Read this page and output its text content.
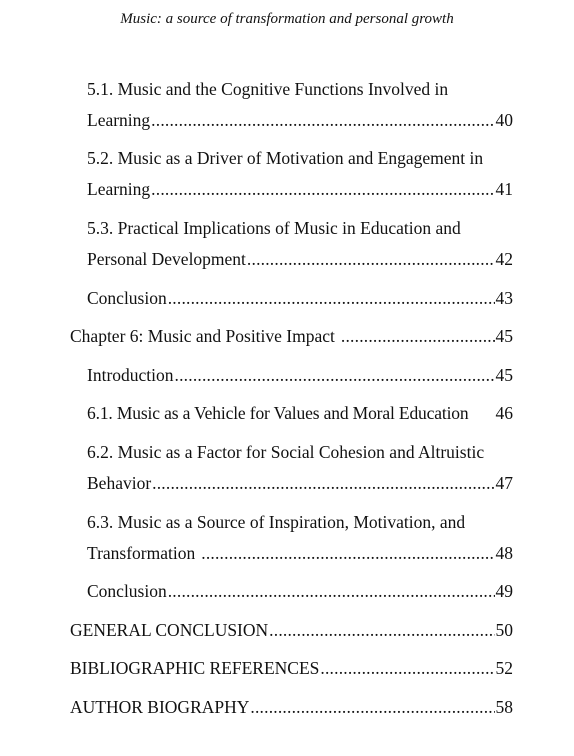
Music: a source of transformation and personal growth
5.1. Music and the Cognitive Functions Involved in
Learning .....	40
5.2. Music as a Driver of Motivation and Engagement in
Learning .....	41
5.3. Practical Implications of Music in Education and
Personal Development .....	42
Conclusion .....	43
Chapter 6: Music and Positive Impact .....	45
Introduction .....	45
6.1. Music as a Vehicle for Values and Moral Education 46
6.2. Music as a Factor for Social Cohesion and Altruistic
Behavior .....	47
6.3. Music as a Source of Inspiration, Motivation, and
Transformation .....	48
Conclusion .....	49
GENERAL CONCLUSION .....	50
BIBLIOGRAPHIC REFERENCES .....	52
AUTHOR BIOGRAPHY .....	58
